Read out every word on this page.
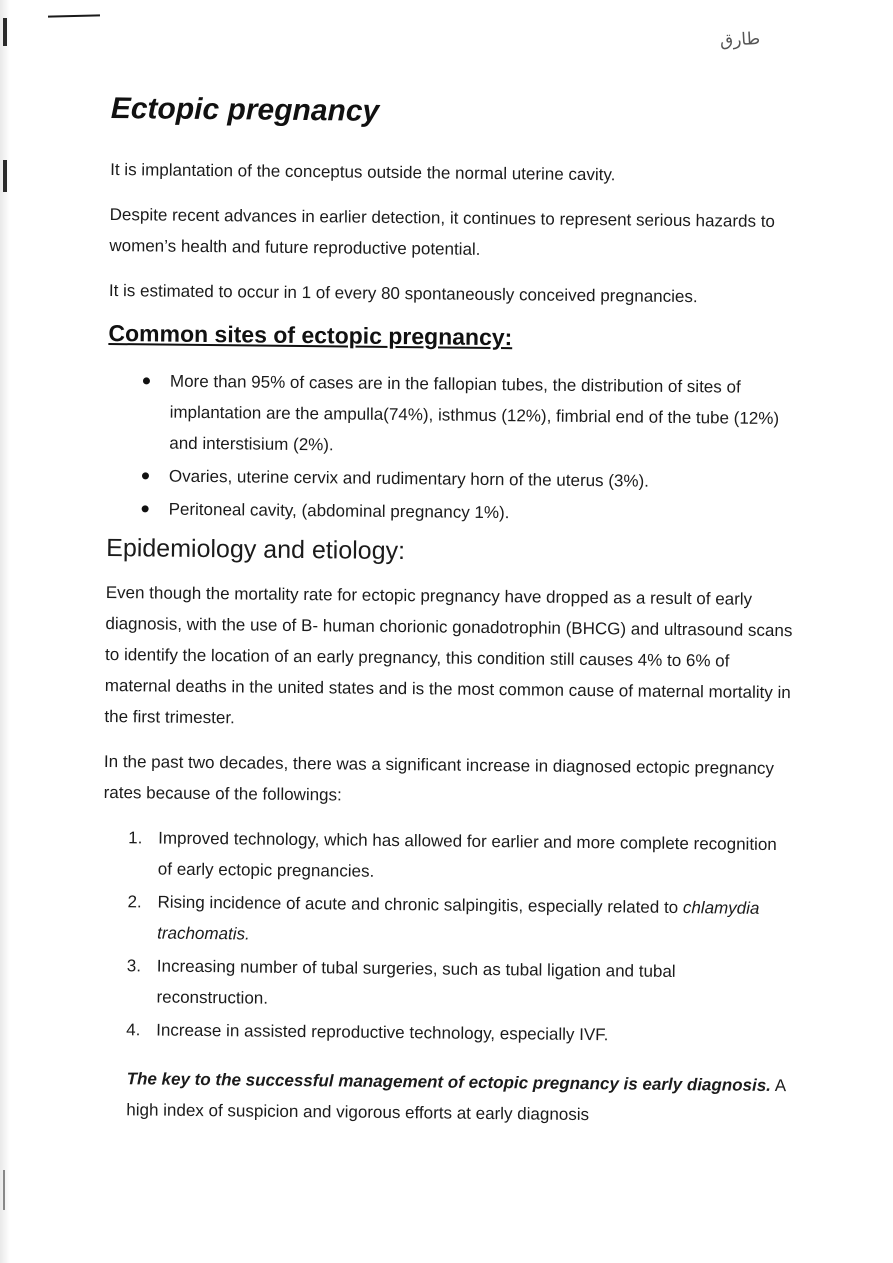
طارق
Ectopic pregnancy

It is implantation of the conceptus outside the normal uterine cavity.

Despite recent advances in earlier detection, it continues to represent serious hazards to women’s health and future reproductive potential.

It is estimated to occur in 1 of every 80 spontaneously conceived pregnancies.

Common sites of ectopic pregnancy:
More than 95% of cases are in the fallopian tubes, the distribution of sites of implantation are the ampulla(74%), isthmus (12%), fimbrial end of the tube (12%) and interstisium (2%).
Ovaries, uterine cervix and rudimentary horn of the uterus (3%).
Peritoneal cavity, (abdominal pregnancy 1%).
Epidemiology and etiology:

Even though the mortality rate for ectopic pregnancy have dropped as a result of early diagnosis, with the use of B- human chorionic gonadotrophin (BHCG) and ultrasound scans to identify the location of an early pregnancy, this condition still causes 4% to 6% of maternal deaths in the united states and is the most common cause of maternal mortality in the first trimester.

In the past two decades, there was a significant increase in diagnosed ectopic pregnancy rates because of the followings:

1. Improved technology, which has allowed for earlier and more complete recognition of early ectopic pregnancies.
2. Rising incidence of acute and chronic salpingitis, especially related to chlamydia trachomatis.
3. Increasing number of tubal surgeries, such as tubal ligation and tubal reconstruction.
4. Increase in assisted reproductive technology, especially IVF.

The key to the successful management of ectopic pregnancy is early diagnosis. A high index of suspicion and vigorous efforts at early diagnosis
